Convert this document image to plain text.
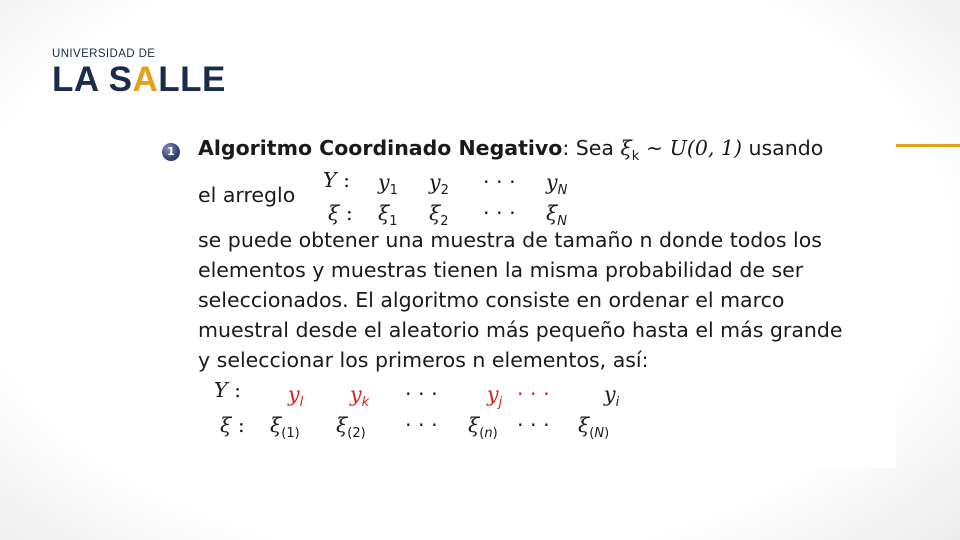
UNIVERSIDAD DE
LA SALLE
1 Algoritmo Coordinado Negativo: Sea $\xi_k$ ∼ U(0, 1) usando
el arreglo
Y : $y_1$ $y_2$ · · · $y_N$
ξ : $\xi_1$ $\xi_2$ · · · $\xi_N$
se puede obtener una muestra de tamaño n donde todos los
elementos y muestras tienen la misma probabilidad de ser
seleccionados. El algoritmo consiste en ordenar el marco
muestral desde el aleatorio más pequeño hasta el más grande
y seleccionar los primeros n elementos, así:
Y : $y_l$ $y_k$ · · · $y_j$ · · ·	$y_i$
ξ : $\xi_{(1)}$ $\xi_{(2)}$ · · · $\xi_{(n)}$ · · · $\xi_{(N)}$
